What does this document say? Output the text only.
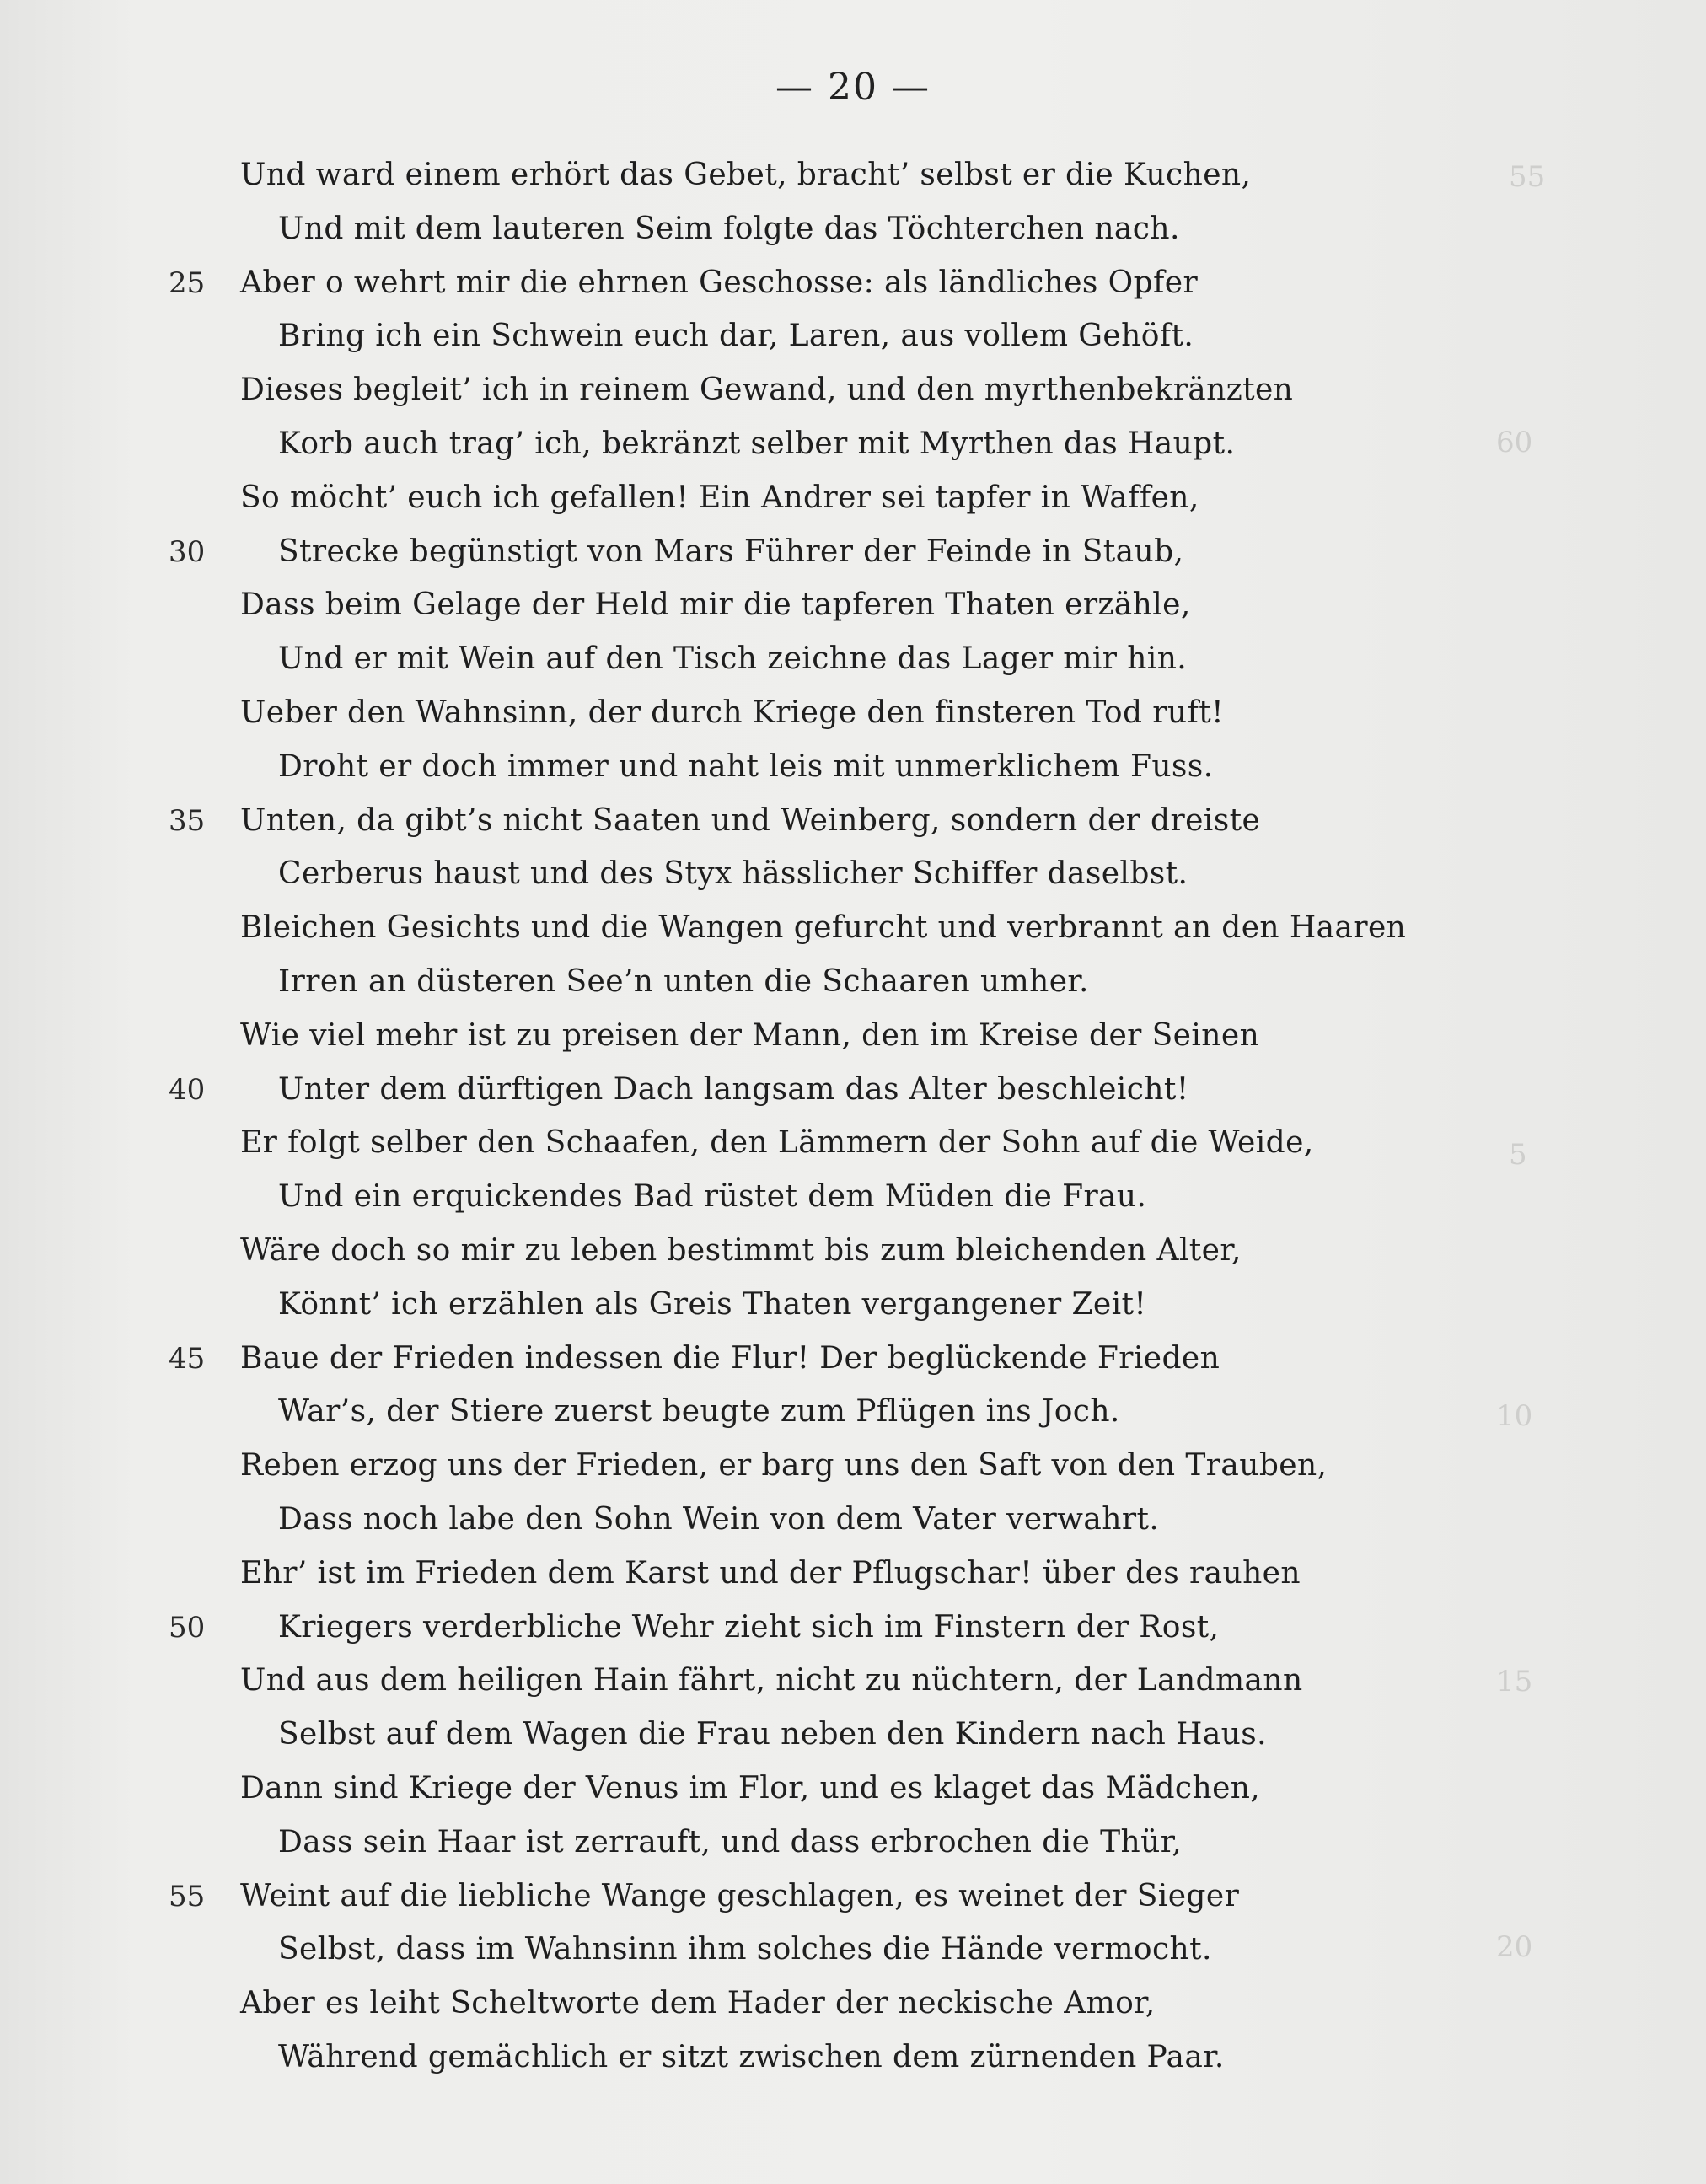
55
60
5
10
15
20
— 20 —
Und ward einem erhört das Gebet, bracht’ selbst er die Kuchen,
Und mit dem lauteren Seim folgte das Töchterchen nach.
Aber o wehrt mir die ehrnen Geschosse: als ländliches Opfer
25
Bring ich ein Schwein euch dar, Laren, aus vollem Gehöft.
Dieses begleit’ ich in reinem Gewand, und den myrthenbekränzten
Korb auch trag’ ich, bekränzt selber mit Myrthen das Haupt.
So möcht’ euch ich gefallen! Ein Andrer sei tapfer in Waffen,
Strecke begünstigt von Mars Führer der Feinde in Staub,
30
Dass beim Gelage der Held mir die tapferen Thaten erzähle,
Und er mit Wein auf den Tisch zeichne das Lager mir hin.
Ueber den Wahnsinn, der durch Kriege den finsteren Tod ruft!
Droht er doch immer und naht leis mit unmerklichem Fuss.
Unten, da gibt’s nicht Saaten und Weinberg, sondern der dreiste
35
Cerberus haust und des Styx hässlicher Schiffer daselbst.
Bleichen Gesichts und die Wangen gefurcht und verbrannt an den Haaren
Irren an düsteren See’n unten die Schaaren umher.
Wie viel mehr ist zu preisen der Mann, den im Kreise der Seinen
Unter dem dürftigen Dach langsam das Alter beschleicht!
40
Er folgt selber den Schaafen, den Lämmern der Sohn auf die Weide,
Und ein erquickendes Bad rüstet dem Müden die Frau.
Wäre doch so mir zu leben bestimmt bis zum bleichenden Alter,
Könnt’ ich erzählen als Greis Thaten vergangener Zeit!
Baue der Frieden indessen die Flur! Der beglückende Frieden
45
War’s, der Stiere zuerst beugte zum Pflügen ins Joch.
Reben erzog uns der Frieden, er barg uns den Saft von den Trauben,
Dass noch labe den Sohn Wein von dem Vater verwahrt.
Ehr’ ist im Frieden dem Karst und der Pflugschar! über des rauhen
Kriegers verderbliche Wehr zieht sich im Finstern der Rost,
50
Und aus dem heiligen Hain fährt, nicht zu nüchtern, der Landmann
Selbst auf dem Wagen die Frau neben den Kindern nach Haus.
Dann sind Kriege der Venus im Flor, und es klaget das Mädchen,
Dass sein Haar ist zerrauft, und dass erbrochen die Thür,
Weint auf die liebliche Wange geschlagen, es weinet der Sieger
55
Selbst, dass im Wahnsinn ihm solches die Hände vermocht.
Aber es leiht Scheltworte dem Hader der neckische Amor,
Während gemächlich er sitzt zwischen dem zürnenden Paar.
